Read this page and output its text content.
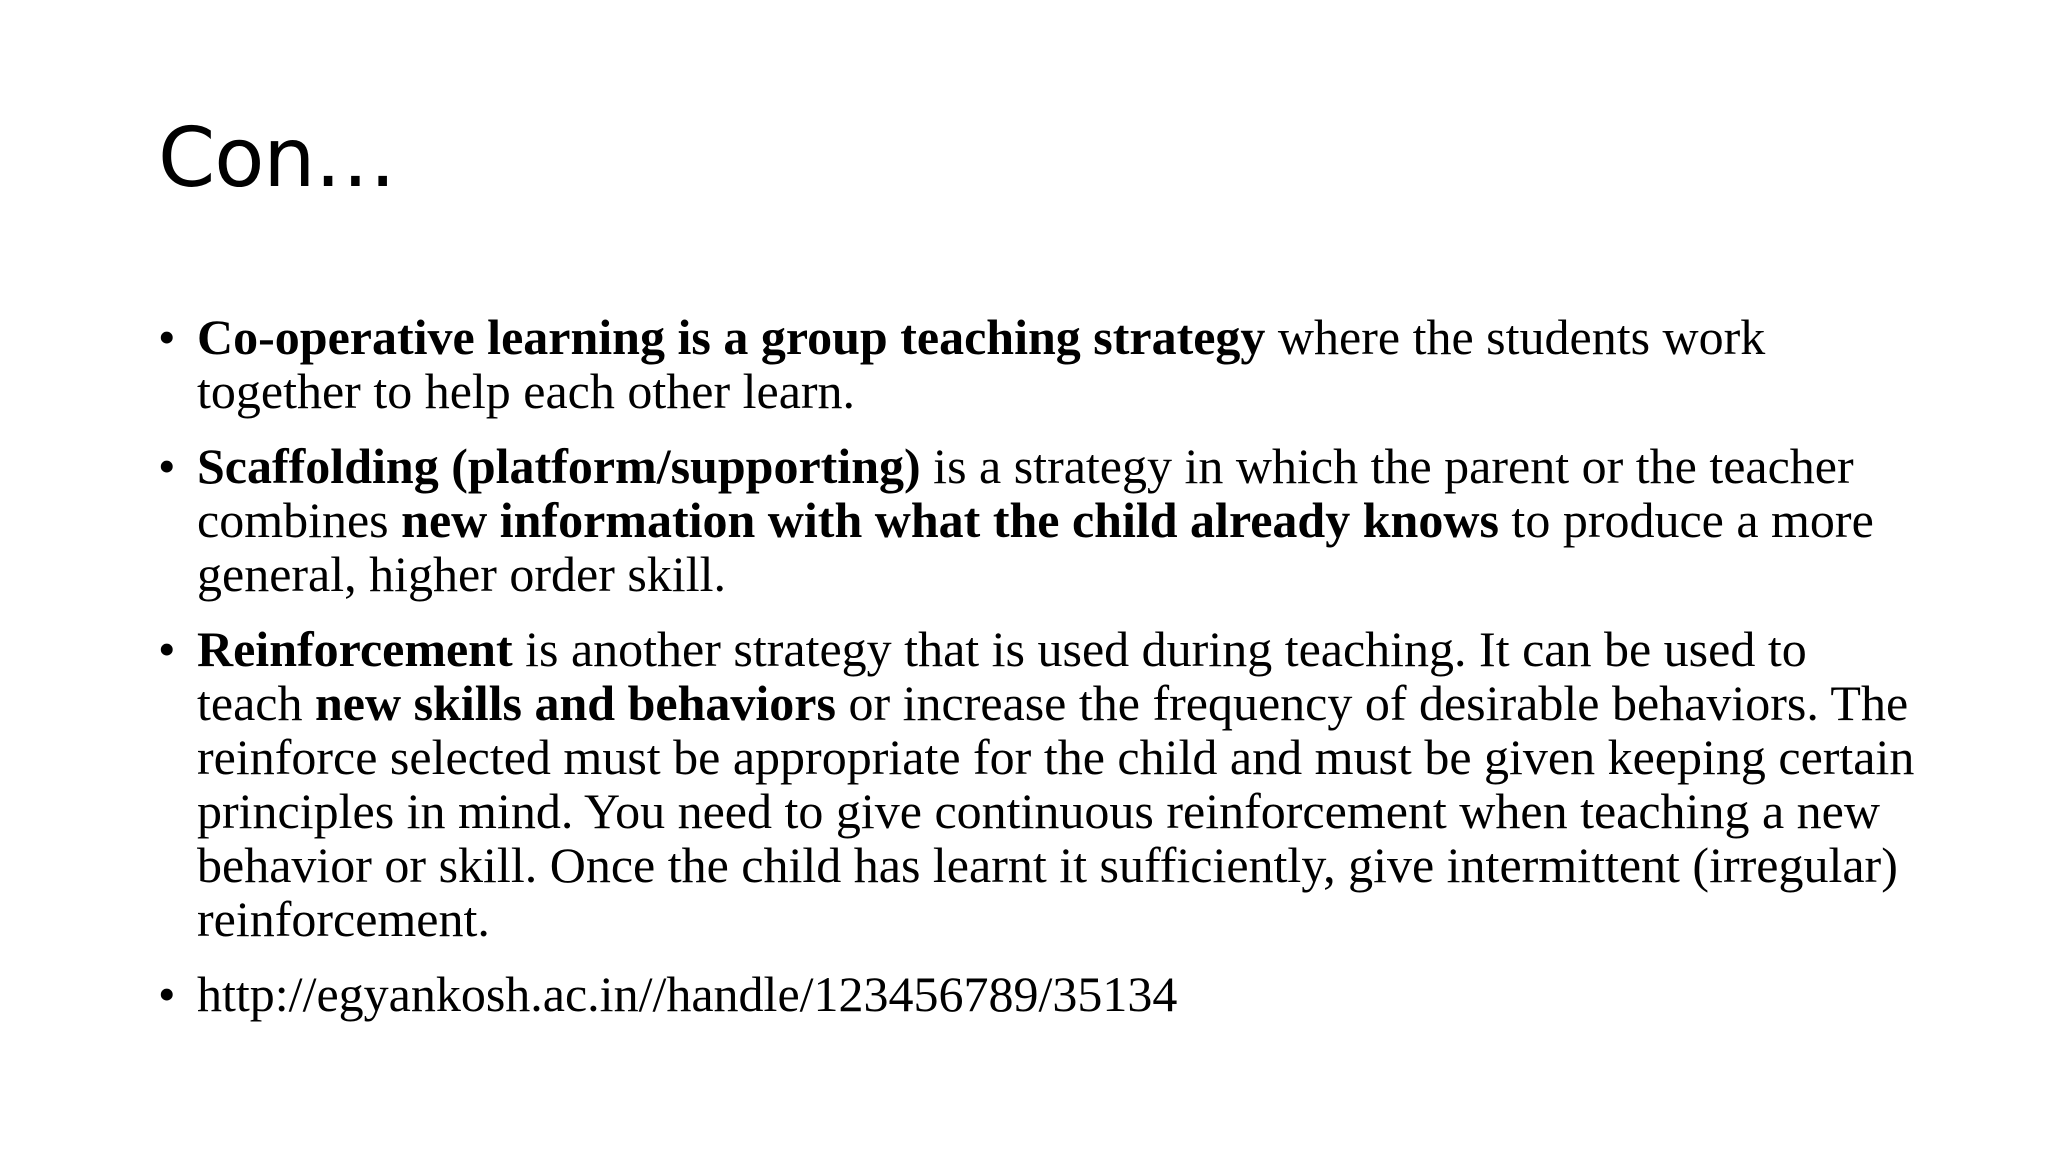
Con…
• Co-operative learning is a group teaching strategy where the students work together to help each other learn.
• Scaffolding (platform/supporting) is a strategy in which the parent or the teacher combines new information with what the child already knows to produce a more general, higher order skill.
• Reinforcement is another strategy that is used during teaching. It can be used to teach new skills and behaviors or increase the frequency of desirable behaviors. The reinforce selected must be appropriate for the child and must be given keeping certain principles in mind. You need to give continuous reinforcement when teaching a new behavior or skill. Once the child has learnt it sufficiently, give intermittent (irregular) reinforcement.
• http://egyankosh.ac.in//handle/123456789/35134
